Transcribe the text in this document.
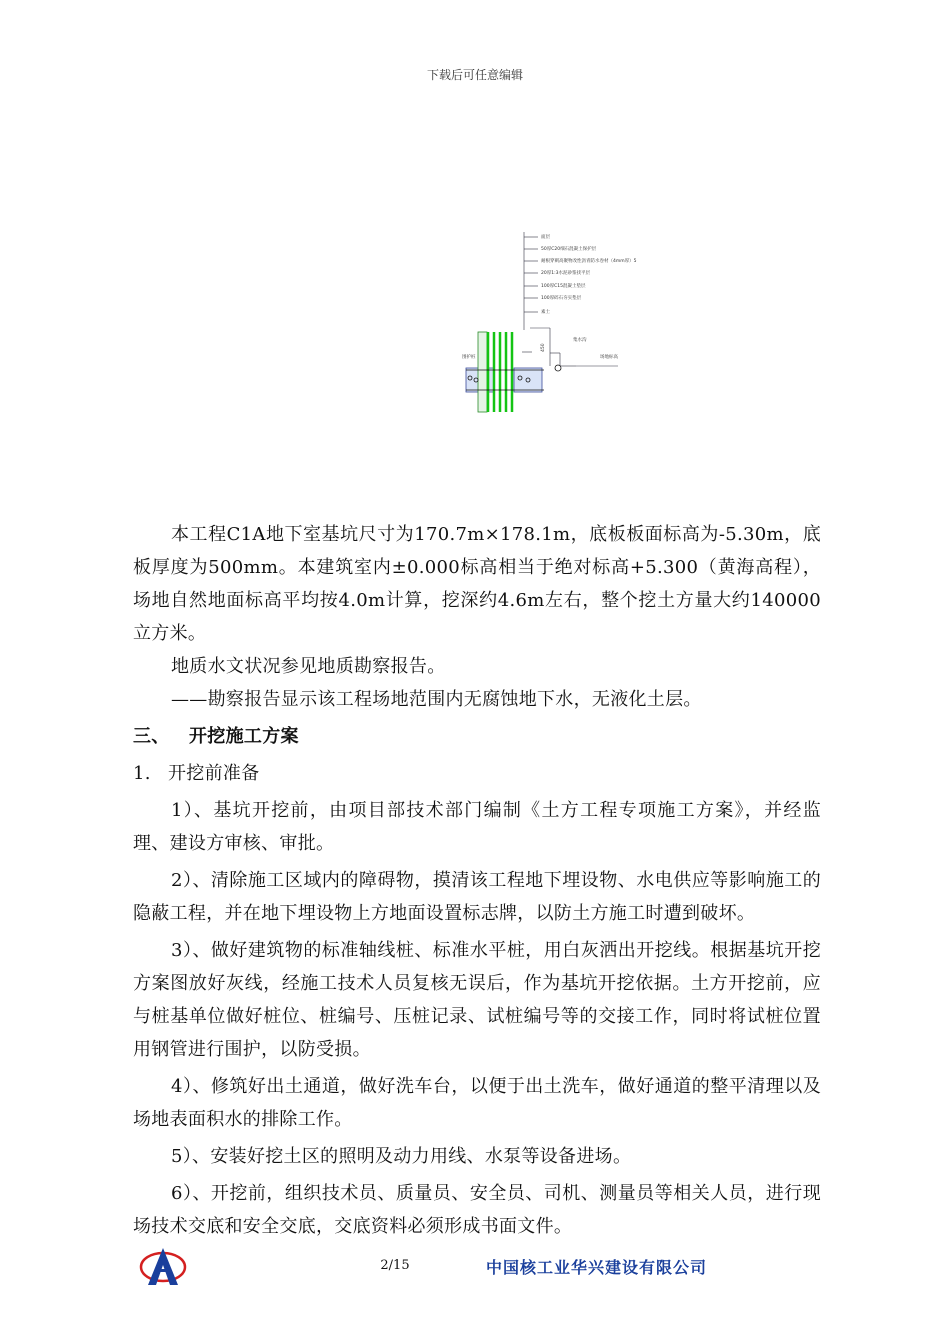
下载后可任意编辑
面层
50厚C20细石混凝土保护层
耐根穿刺高聚物改性沥青防水卷材（4mm厚）5
20厚1:3水泥砂浆找平层
100厚C15混凝土垫层
100厚碎石夯实垫层
素土
围护桩
集水沟
场地标高
450

本工程C1A地下室基坑尺寸为170.7m×178.1m，底板板面标高为-5.30m，底板厚度为500mm。本建筑室内±0.000标高相当于绝对标高+5.300（黄海高程），场地自然地面标高平均按4.0m计算，挖深约4.6m左右，整个挖土方量大约140000立方米。

地质水文状况参见地质勘察报告。

——勘察报告显示该工程场地范围内无腐蚀地下水，无液化土层。

三、 开挖施工方案

1. 开挖前准备

1）、基坑开挖前，由项目部技术部门编制《土方工程专项施工方案》，并经监理、建设方审核、审批。

2）、清除施工区域内的障碍物，摸清该工程地下埋设物、水电供应等影响施工的隐蔽工程，并在地下埋设物上方地面设置标志牌，以防土方施工时遭到破坏。

3）、做好建筑物的标准轴线桩、标准水平桩，用白灰洒出开挖线。根据基坑开挖方案图放好灰线，经施工技术人员复核无误后，作为基坑开挖依据。土方开挖前，应与桩基单位做好桩位、桩编号、压桩记录、试桩编号等的交接工作，同时将试桩位置用钢管进行围护，以防受损。

4）、修筑好出土通道，做好洗车台，以便于出土洗车，做好通道的整平清理以及场地表面积水的排除工作。

5）、安装好挖土区的照明及动力用线、水泵等设备进场。

6）、开挖前，组织技术员、质量员、安全员、司机、测量员等相关人员，进行现场技术交底和安全交底，交底资料必须形成书面文件。

2/15	中国核工业华兴建设有限公司
